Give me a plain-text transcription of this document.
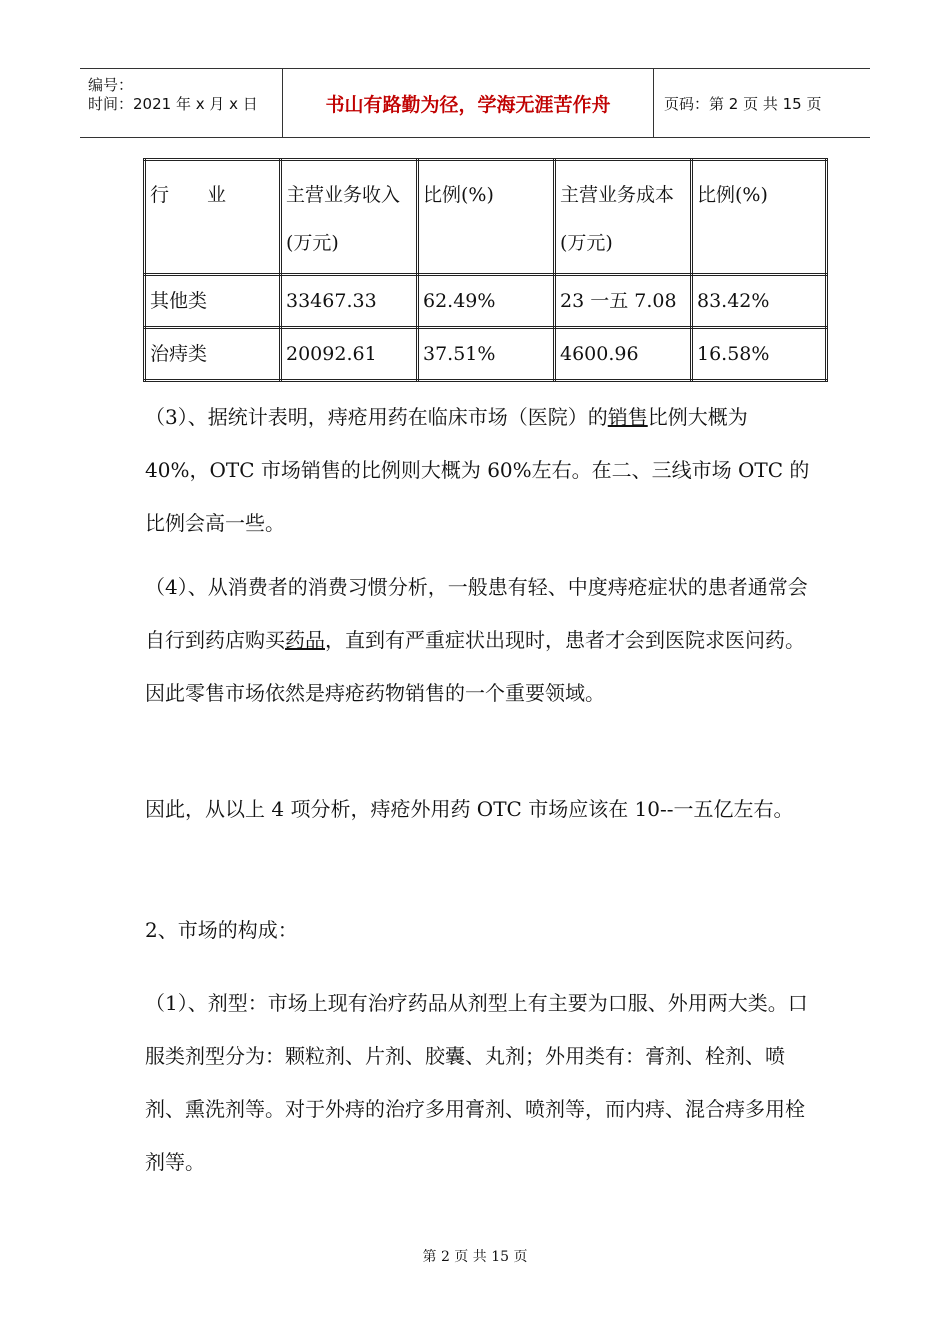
编号：
时间：2021 年 x 月 x 日	书山有路勤为径，学海无涯苦作舟	页码：第 2 页 共 15 页
行　　业	主营业务收入(万元)	比例(%)	主营业务成本(万元)	比例(%)
其他类	33467.33	62.49%	23 一五 7.08	83.42%
治痔类	20092.61	37.51%	4600.96	16.58%
（3）、据统计表明，痔疮用药在临床市场（医院）的销售比例大概为 40%，OTC 市场销售的比例则大概为 60%左右。在二、三线市场 OTC 的比例会高一些。
（4）、从消费者的消费习惯分析，一般患有轻、中度痔疮症状的患者通常会自行到药店购买药品，直到有严重症状出现时，患者才会到医院求医问药。因此零售市场依然是痔疮药物销售的一个重要领域。
因此，从以上 4 项分析，痔疮外用药 OTC 市场应该在 10--一五亿左右。
2、市场的构成：
（1）、剂型：市场上现有治疗药品从剂型上有主要为口服、外用两大类。口服类剂型分为：颗粒剂、片剂、胶囊、丸剂；外用类有：膏剂、栓剂、喷剂、熏洗剂等。对于外痔的治疗多用膏剂、喷剂等，而内痔、混合痔多用栓剂等。
第 2 页 共 15 页
